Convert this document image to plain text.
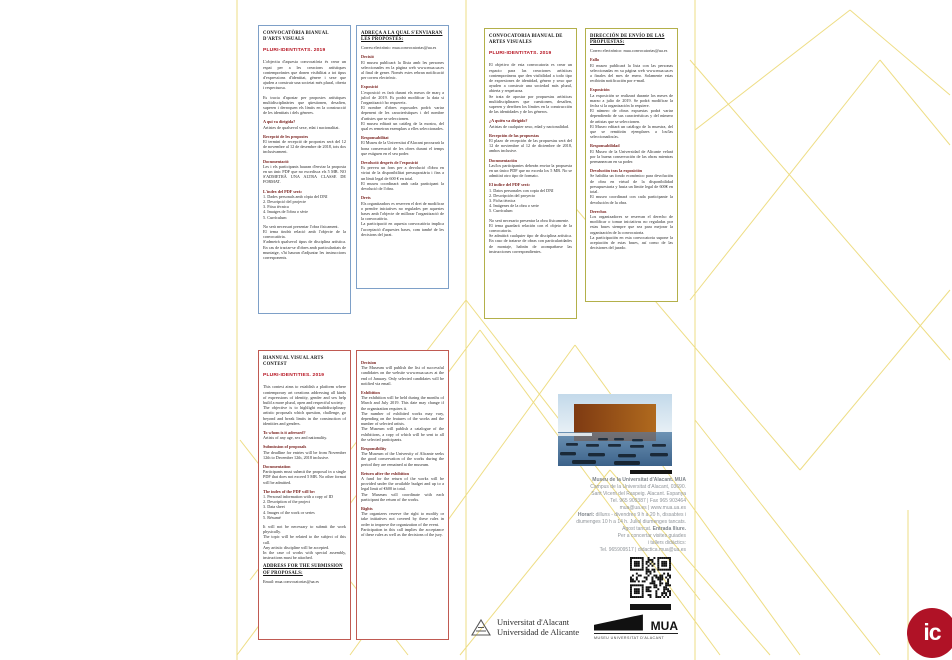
CONVOCATÒRIA BIANUAL D'ARTS VISUALS
PLURI-IDENTITATS. 2019
L'objectiu d'aquesta convocatòria és crear un espai per a les creacions artístiques contemporànies que donen visibilitat a tot tipus d'expressions d'identitat, gènere i sexe que ajuden a construir una societat més plural, oberta i respectuosa.
Es tracta d'apostar per propostes artístiques multidisciplinàries que qüestionen, desafien, superen i derroquen els límits en la construcció de les identitats i dels gèneres.
A qui va dirigida?
Artistes de qualsevol sexe, edat i nacionalitat.
Recepció de les propostes
El termini de recepció de propostes serà del 12 de novembre al 12 de desembre de 2018, tots dos inclusivament.
Documentació
Les i els participants hauran d'enviar la proposta en un únic PDF que no excedisca els 5 MB. NO S'ADMETRÀ UNA ALTRA CLASSE DE FORMAT.
L'índex del PDF serà:
1. Dades personals amb còpia del DNI
2. Descripció del projecte
3. Fitxa tècnica
4. Imatges de l'obra o sèrie
5. Currículum
No serà necessari presentar l'obra físicament.
El tema tindrà relació amb l'objecte de la convocatòria.
S'admetrà qualsevol tipus de disciplina artística. En cas de tractar-se d'obres amb particularitats de muntatge, s'hi hauran d'adjuntar les instruccions corresponents.
ADREÇA A LA QUAL S'ENVIARAN LES PROPOSTES:
Correu electrònic: mua.convocatorias@ua.es
Decisió
El museu publicarà la llista amb les persones seleccionades en la pàgina web www.mua.ua.es al final de gener. Només estes rebran notificació per correu electrònic.
Exposició
L'exposició es farà durant els mesos de març a juliol de 2019. Es podrà modificar la data si l'organització ho requereix.
El nombre d'obres exposades podrà variar depenent de les característiques i del nombre d'artistes que se seleccionen.
El museu editarà un catàleg de la mostra, del qual es remetran exemplars a elles seleccionades.
Responsabilitat
El Museu de la Universitat d'Alacant procurarà la bona conservació de les obres durant el temps que estiguen en el seu poder.
Devolució després de l'exposició
Es preveu un fons per a devolució d'obra en virtut de la disponibilitat pressupostària i fins a un límit legal de 600 € en total.
El museu coordinarà amb cada participant la devolució de l'obra.
Drets
Els organitzadors es reserven el dret de modificar o prendre iniciatives no regulades per aquestes bases amb l'objecte de millorar l'organització de la convocatòria.
La participació en aquesta convocatòria implica l'acceptació d'aquestes bases, com també de les decisions del jurat.
CONVOCATORIA BIANUAL DE ARTES VISUALES
PLURI-IDENTITATS. 2019
El objetivo de esta convocatoria es crear un espacio para las creaciones artísticas contemporáneas que den visibilidad a todo tipo de expresiones de identidad, género y sexo que ayuden a construir una sociedad más plural, abierta y respetuosa.
Se trata de apostar por propuestas artísticas multidisciplinares que cuestionen, desafíen, superen y derriben los límites en la construcción de las identidades y de los géneros.
¿A quién va dirigido?
Artistas de cualquier sexo, edad y nacionalidad.
Recepción de las propuestas
El plazo de recepción de las propuestas será del 12 de noviembre al 12 de diciembre de 2018, ambos inclusive.
Documentación
Las/los participantes deberán enviar la propuesta en un único PDF que no exceda los 5 MB. No se admitirá otro tipo de formato.
El índice del PDF será:
1. Datos personales con copia del DNI
2. Descripción del proyecto
3. Ficha técnica
4. Imágenes de la obra o serie
5. Currículum
No será necesario presentar la obra físicamente.
El tema guardará relación con el objeto de la convocatoria.
Se admitirá cualquier tipo de disciplina artística. En caso de tratarse de obras con particularidades de montaje, habrán de acompañarse las instrucciones correspondientes.
DIRECCIÓN DE ENVÍO DE LAS PROPUESTAS:
Correo electrónico: mua.convocatorias@ua.es
Fallo
El museo publicará la lista con las personas seleccionadas en su página web www.mua.ua.es a finales del mes de enero. Solamente estas recibirán notificación por e-mail.
Exposición
La exposición se realizará durante los meses de marzo a julio de 2019. Se podrá modificar la fecha si la organización lo requiere.
El número de obras expuestas podrá variar dependiendo de sus características y del número de artistas que se seleccionen.
El Museo editará un catálogo de la muestra, del que se remitirán ejemplares a los/las seleccionados/as.
Responsabilidad
El Museo de la Universidad de Alicante velará por la buena conservación de las obras mientras permanezcan en su poder.
Devolución tras la exposición
Se habilita un fondo económico para devolución de obra en virtud de la disponibilidad presupuestaria y hasta un límite legal de 600€ en total.
El museo coordinará con cada participante la devolución de la obra.
Derechos
Los organizadores se reservan el derecho de modificar o tomar iniciativas no reguladas por estas bases siempre que sea para mejorar la organización de la convocatoria.
La participación en esta convocatoria supone la aceptación de estas bases, así como de las decisiones del jurado.
BIANNUAL VISUAL ARTS CONTEST
PLURI-IDENTITIES. 2019
This contest aims to establish a platform where contemporary art creations addressing all kinds of expressions of identity, gender and sex help build a more plural, open and respectful society.
The objective is to highlight multidisciplinary artistic proposals which question, challenge, go beyond and break limits in the construction of identities and genders.
To whom is it adressed?
Artists of any age, sex and nationality.
Submission of proposals
The deadline for entries will be from November 12th to December 12th, 2018 inclusive.
Documentation
Participants must submit the proposal in a single PDF that does not exceed 5 MB. No other format will be admitted.
The index of the PDF will be:
1. Personal information with a copy of ID
2. Description of the project
3. Data sheet
4. Images of the work or series
5. Résumé
It will not be necessary to submit the work physically.
The topic will be related to the subject of this call.
Any artistic discipline will be accepted.
In the case of works with special assembly, instructions must be attached.
ADDRESS FOR THE SUBMISSION OF PROPOSALS:
Email: mua.convocatorias@ua.es
Decision
The Museum will publish the list of successful candidates on the website www.mua.ua.es at the end of January. Only selected candidates will be notified via email.
Exhibition
The exhibition will be held during the months of March and July 2019. This date may change if the organization requires it.
The number of exhibited works may vary, depending on the features of the works and the number of selected artists.
The Museum will publish a catalogue of the exhibitions, a copy of which will be sent to all the selected participants.
Responsibility
The Museum of the University of Alicante seeks the good conservation of the works during the period they are remained at the museum.
Return after the exhibition
A fund for the return of the works will be provided under the available budget and up to a legal limit of €600 in total.
The Museum will coordinate with each participant the return of the works.
Rights
The organizers reserve the right to modify or take initiatives not covered by these rules in order to improve the organization of the event.
Participation in this call implies the acceptance of these rules as well as the decisions of the jury.
Museu de la Universitat d'Alacant. MUA
Campus de la Universitat d'Alacant, 03690.
Sant Vicent del Raspeig. Alacant. Espanya
Tel. 965 909387 | Fax 965 903464
mua@ua.es | www.mua.ua.es
Horari: dilluns - divendres 9 h a 20 h, dissabtes i
diumenges 10 h a 14 h. Juliol diumenges tancats.
Agost tancat. Entrada lliure.
Per a concertar visites guiades
i tallers didàctics:
Tel. 965909517 | didactica.mua@ua.es
Universitat d'Alacant
Universidad de Alicante	MUA
MUSEU UNIVERSITAT D'ALACANT	ic
